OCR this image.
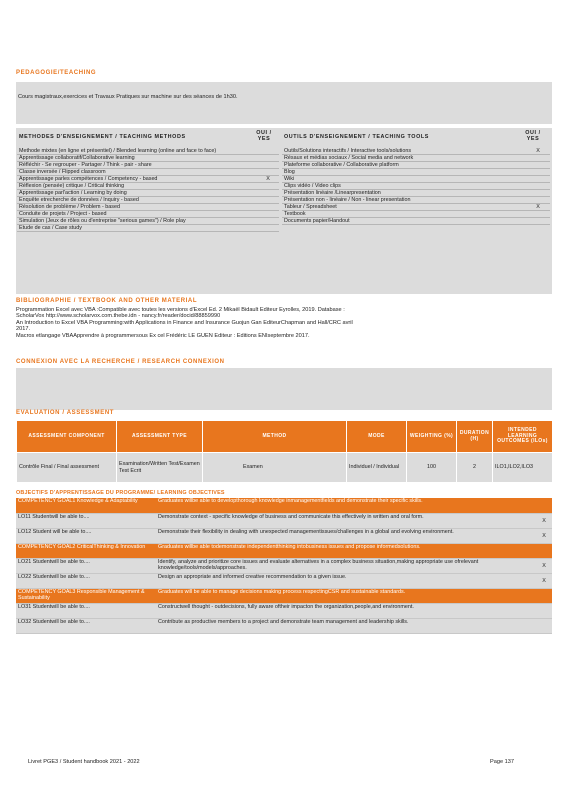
PEDAGOGIE/TEACHING
Cours magistraux,exercices et Travaux Pratiques sur machine sur des séances de 1h30.
METHODES D'ENSEIGNEMENT / TEACHING METHODS
OUI / YES	OUTILS D'ENSEIGNEMENT / TEACHING TOOLS
OUI / YES
Methode mixtes (en ligne et présentiel) / Blended learning (online and face to face)	
Apprentissage collaboratif/Collaborative learning	
Réfléchir - Se regrouper - Partager / Think - pair - share	
Classe inversée / Flipped classroom	
Apprentissage parles compétences / Competency - based	X
Réflexion (pensée) critique / Critical thinking	
Apprentissage parl'action / Learning by doing	
Enquête etrecherche de données / Inquiry - based	
Résolution de problème / Problem - based	
Conduite de projets / Project - based	
Simulation (Jeux de rôles ou d'entreprise "serious games") / Role play	
Etude de cas / Case study	
Outils/Solutions interactifs / Interactive tools/solutions	X
Résaux et médias sociaux / Social media and network	
Plateforme collaborative / Collaborative platform	
Blog	
Wiki	
Clips vidéo / Video clips	
Présentation linéaire /Linearpresentation	
Présentation non - linéaire / Non - linear presentation	
Tableur / Spreadsheet	X
Textbook	
Documents papier/Handout	
BIBLIOGRAPHIE / TEXTBOOK AND OTHER MATERIAL
Programmation Excel avec VBA :Compatible avec toutes les versions d'Excel Ed. 2 Mikaël Bidault Editeur Eyrolles, 2019. Database :
ScholarVox http://www.scholarvox.com.thebe.idn - nancy.fr/reader/docid/88859990
An Introduction to Excel VBA Programming:with Applications in Finance and Insurance Guojun Gan EditeurChapman and Hall/CRC avril
2017.
Macros etlangage VBAApprendre à programmersous Ex cel Frédéric LE GUEN Editeur : Editions ENIseptembre 2017.
CONNEXION AVEC LA RECHERCHE / RESEARCH CONNEXION
EVALUATION / ASSESSMENT
ASSESSMENT COMPONENT	ASSESSMENT TYPE	METHOD	MODE	WEIGHTING (%)	DURATION (H)	INTENDED LEARNING OUTCOMES (ILOs)
Contrôle Final / Final assessment	Examination/Written Test/Examen Test Ecrit	Examen	Individuel / Individual	100	2	ILO1,ILO2,ILO3
OBJECTIFS D'APPRENTISSAGE DU PROGRAMME/ LEARNING OBJECTIVES
COMPETENCY GOAL1 Knowledge & Adaptability	Graduates willbe able to developthorough knowledge inmanagementfields and demonstrate their specific skills.	
LO11 Studentwill be able to....	Demonstrate context - specific knowledge of business and communicate this effectively in written and oral form.	X
LO12 Student will be able to....	Demonstrate their flexibility in dealing with unexpected managementissues/challenges in a global and evolving environment.	X
COMPETENCY GOAL2 CriticalThinking & Innovation	Graduates willbe able todemonstrate independentthinking intobusiness issues and propose informedsolutions.	
LO21 Studentwill be able to....	Identify, analyze and prioritize core issues and evaluate alternatives in a complex business situation,making appropriate use ofrelevant knowledge/tools/models/approaches.	X
LO22 Studentwill be able to....	Design an appropriate and informed creative recommendation to a given issue.	X
COMPETENCY GOAL3 Responsible Management & Sustainability	Graduates will be able to manage decisions making process respectingCSR and sustainable standards.	
LO31 Studentwill be able to....	Constructwell thought - outdecisions, fully aware oftheir impacton the organization,people,and environment.	
LO32 Studentwill be able to....	Contribute as productive members to a project and demonstrate team management and leadership skills.	
Livret PGE3 / Student handbook 2021 - 2022	Page 137
